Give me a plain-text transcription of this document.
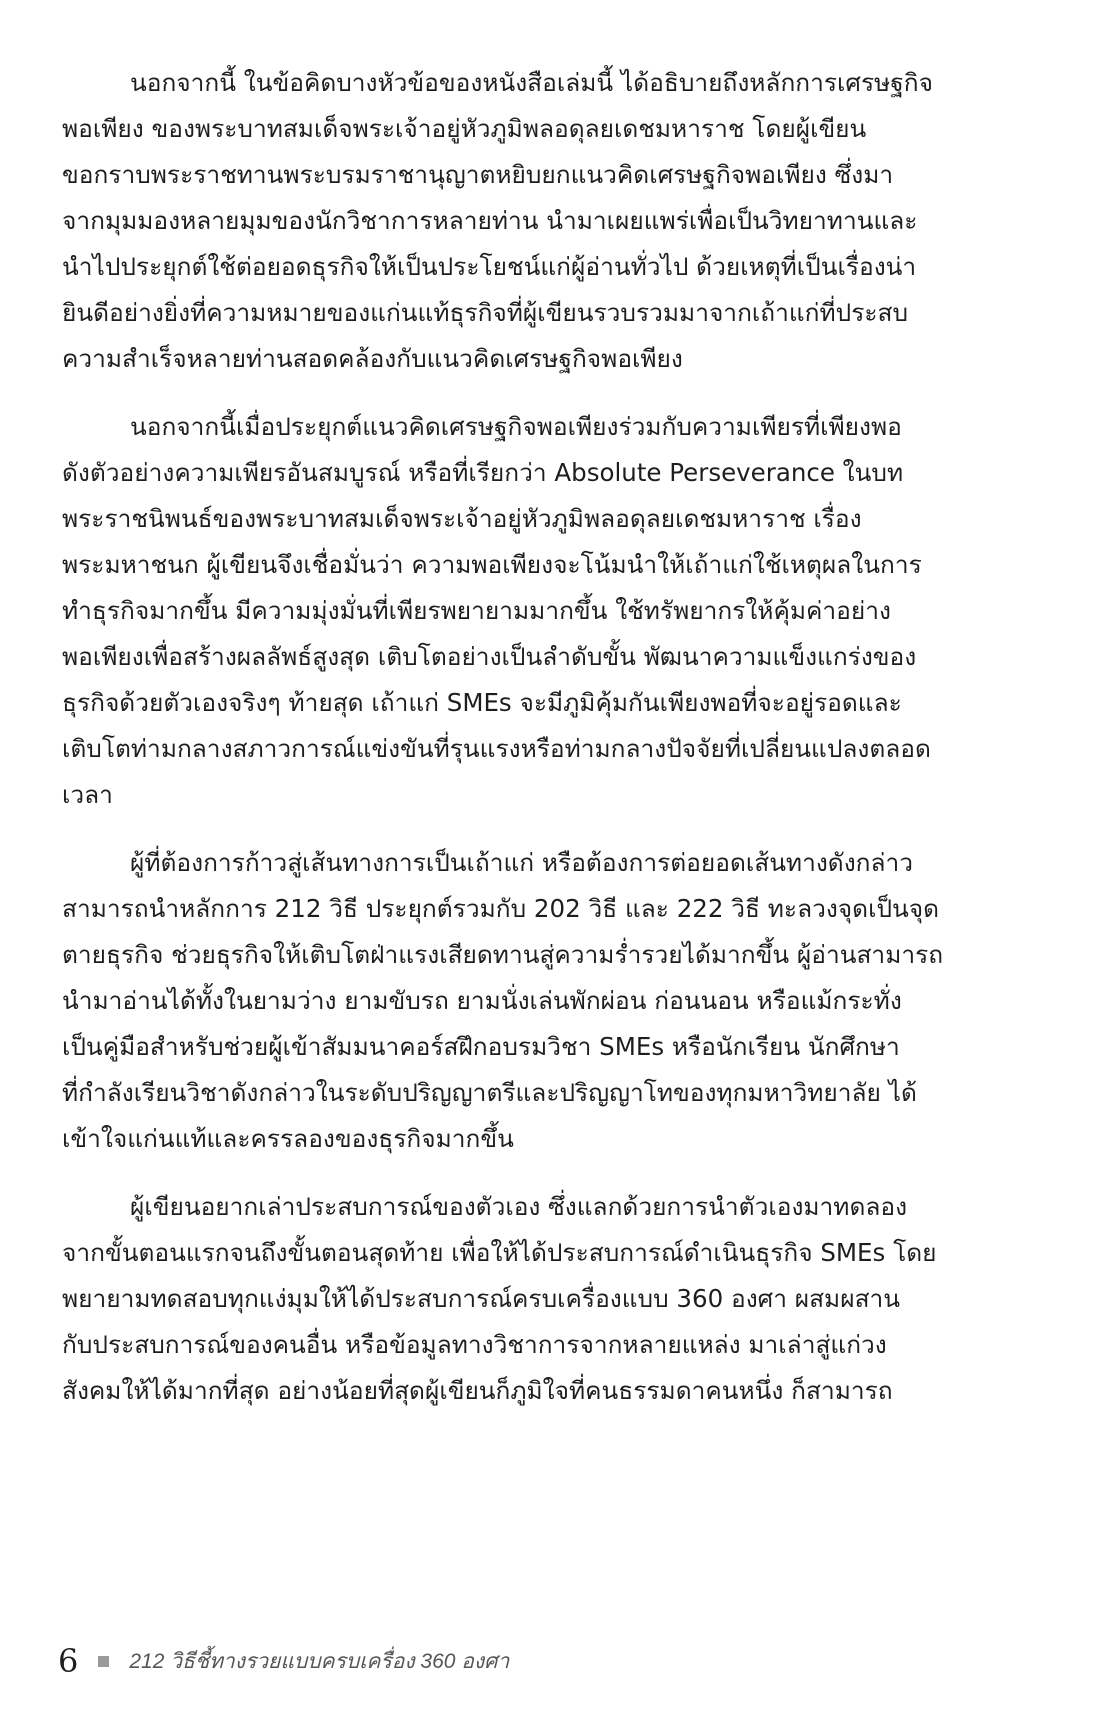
นอกจากนี้ ในข้อคิดบางหัวข้อของหนังสือเล่มนี้ ได้อธิบายถึงหลักการเศรษฐกิจ
พอเพียง ของพระบาทสมเด็จพระเจ้าอยู่หัวภูมิพลอดุลยเดชมหาราช โดยผู้เขียน
ขอกราบพระราชทานพระบรมราชานุญาตหยิบยกแนวคิดเศรษฐกิจพอเพียง ซึ่งมา
จากมุมมองหลายมุมของนักวิชาการหลายท่าน นำมาเผยแพร่เพื่อเป็นวิทยาทานและ
นำไปประยุกต์ใช้ต่อยอดธุรกิจให้เป็นประโยชน์แก่ผู้อ่านทั่วไป ด้วยเหตุที่เป็นเรื่องน่า
ยินดีอย่างยิ่งที่ความหมายของแก่นแท้ธุรกิจที่ผู้เขียนรวบรวมมาจากเถ้าแก่ที่ประสบ
ความสำเร็จหลายท่านสอดคล้องกับแนวคิดเศรษฐกิจพอเพียง

นอกจากนี้เมื่อประยุกต์แนวคิดเศรษฐกิจพอเพียงร่วมกับความเพียรที่เพียงพอ
ดังตัวอย่างความเพียรอันสมบูรณ์ หรือที่เรียกว่า Absolute Perseverance ในบท
พระราชนิพนธ์ของพระบาทสมเด็จพระเจ้าอยู่หัวภูมิพลอดุลยเดชมหาราช เรื่อง
พระมหาชนก ผู้เขียนจึงเชื่อมั่นว่า ความพอเพียงจะโน้มนำให้เถ้าแก่ใช้เหตุผลในการ
ทำธุรกิจมากขึ้น มีความมุ่งมั่นที่เพียรพยายามมากขึ้น ใช้ทรัพยากรให้คุ้มค่าอย่าง
พอเพียงเพื่อสร้างผลลัพธ์สูงสุด เติบโตอย่างเป็นลำดับขั้น พัฒนาความแข็งแกร่งของ
ธุรกิจด้วยตัวเองจริงๆ ท้ายสุด เถ้าแก่ SMEs จะมีภูมิคุ้มกันเพียงพอที่จะอยู่รอดและ
เติบโตท่ามกลางสภาวการณ์แข่งขันที่รุนแรงหรือท่ามกลางปัจจัยที่เปลี่ยนแปลงตลอด
เวลา

ผู้ที่ต้องการก้าวสู่เส้นทางการเป็นเถ้าแก่ หรือต้องการต่อยอดเส้นทางดังกล่าว
สามารถนำหลักการ 212 วิธี ประยุกต์รวมกับ 202 วิธี และ 222 วิธี ทะลวงจุดเป็นจุด
ตายธุรกิจ ช่วยธุรกิจให้เติบโตฝ่าแรงเสียดทานสู่ความร่ำรวยได้มากขึ้น ผู้อ่านสามารถ
นำมาอ่านได้ทั้งในยามว่าง ยามขับรถ ยามนั่งเล่นพักผ่อน ก่อนนอน หรือแม้กระทั่ง
เป็นคู่มือสำหรับช่วยผู้เข้าสัมมนาคอร์สฝึกอบรมวิชา SMEs หรือนักเรียน นักศึกษา
ที่กำลังเรียนวิชาดังกล่าวในระดับปริญญาตรีและปริญญาโทของทุกมหาวิทยาลัย ได้
เข้าใจแก่นแท้และครรลองของธุรกิจมากขึ้น

ผู้เขียนอยากเล่าประสบการณ์ของตัวเอง ซึ่งแลกด้วยการนำตัวเองมาทดลอง
จากขั้นตอนแรกจนถึงขั้นตอนสุดท้าย เพื่อให้ได้ประสบการณ์ดำเนินธุรกิจ SMEs โดย
พยายามทดสอบทุกแง่มุมให้ได้ประสบการณ์ครบเครื่องแบบ 360 องศา ผสมผสาน
กับประสบการณ์ของคนอื่น หรือข้อมูลทางวิชาการจากหลายแหล่ง มาเล่าสู่แก่วง
สังคมให้ได้มากที่สุด อย่างน้อยที่สุดผู้เขียนก็ภูมิใจที่คนธรรมดาคนหนึ่ง ก็สามารถ

6 212 วิธีชี้ทางรวยแบบครบเครื่อง 360 องศา
